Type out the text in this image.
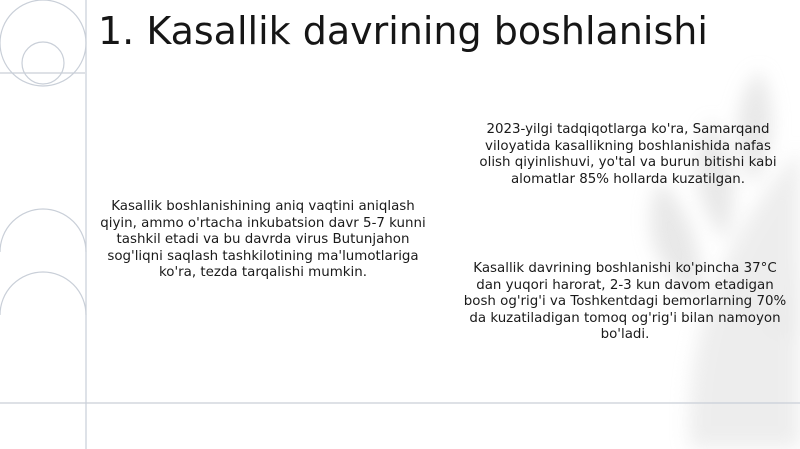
1. Kasallik davrining boshlanishi

Kasallik boshlanishining aniq vaqtini aniqlash qiyin, ammo o'rtacha inkubatsion davr 5-7 kunni tashkil etadi va bu davrda virus Butunjahon sog'liqni saqlash tashkilotining ma'lumotlariga ko'ra, tezda tarqalishi mumkin.

2023-yilgi tadqiqotlarga ko'ra, Samarqand viloyatida kasallikning boshlanishida nafas olish qiyinlishuvi, yo'tal va burun bitishi kabi alomatlar 85% hollarda kuzatilgan.

Kasallik davrining boshlanishi ko'pincha 37°C dan yuqori harorat, 2-3 kun davom etadigan bosh og'rig'i va Toshkentdagi bemorlarning 70% da kuzatiladigan tomoq og'rig'i bilan namoyon bo'ladi.
